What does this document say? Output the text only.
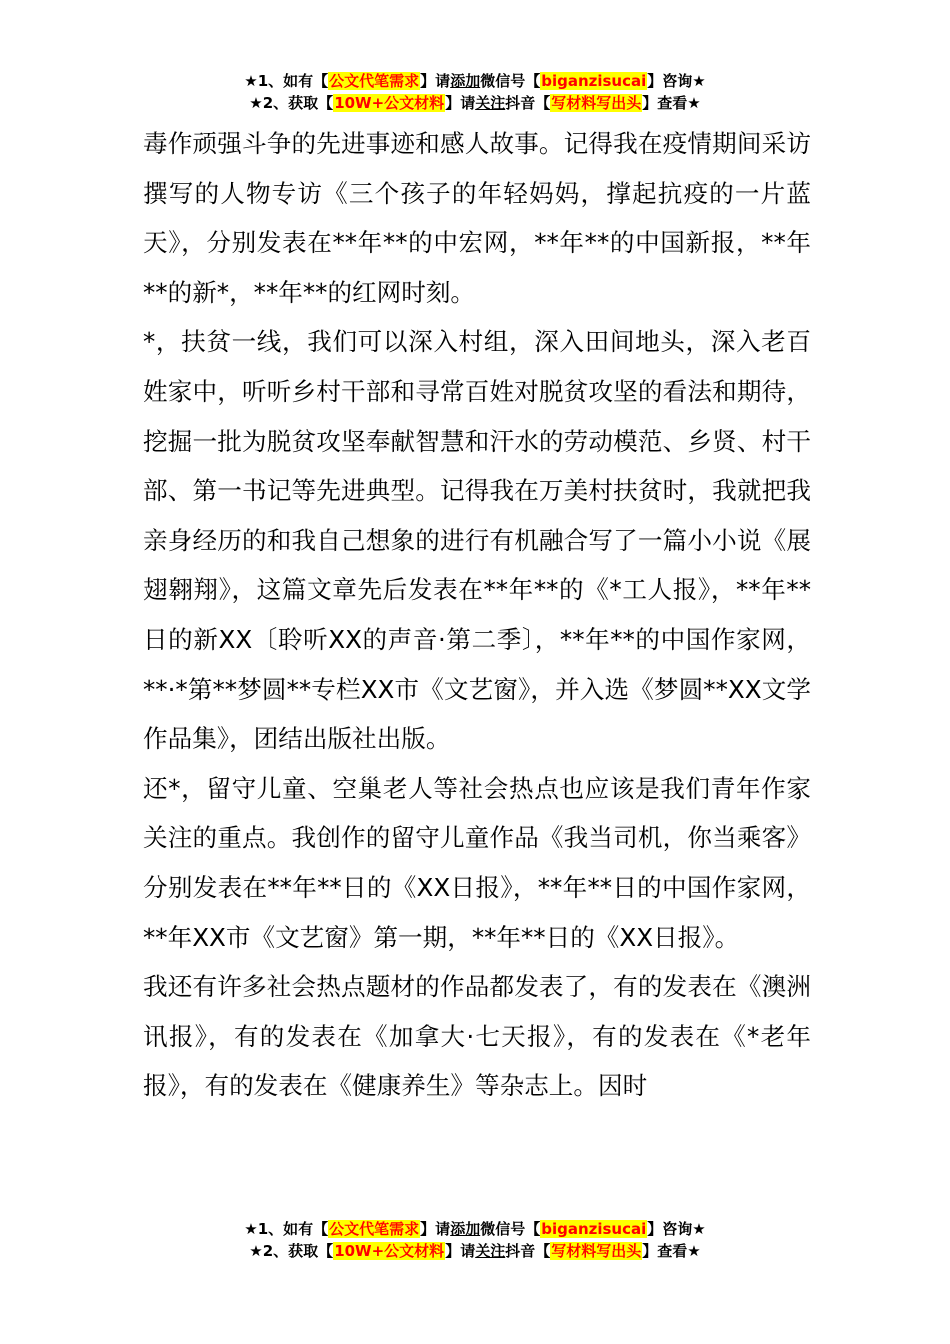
★1、如有【公文代笔需求】请添加微信号【biganzisucai】咨询★
★2、获取【10W+公文材料】请关注抖音【写材料写出头】查看★

毒作顽强斗争的先进事迹和感人故事。记得我在疫情期间采访撰写的人物专访《三个孩子的年轻妈妈，撑起抗疫的一片蓝天》，分别发表在**年**的中宏网，**年**的中国新报，**年**的新*，**年**的红网时刻。

*，扶贫一线，我们可以深入村组，深入田间地头，深入老百姓家中，听听乡村干部和寻常百姓对脱贫攻坚的看法和期待，挖掘一批为脱贫攻坚奉献智慧和汗水的劳动模范、乡贤、村干部、第一书记等先进典型。记得我在万美村扶贫时，我就把我亲身经历的和我自己想象的进行有机融合写了一篇小小说《展翅翱翔》，这篇文章先后发表在**年**的《*工人报》，**年**日的新XX〔聆听XX的声音·第二季〕，**年**的中国作家网，**·*第**梦圆**专栏XX市《文艺窗》，并入选《梦圆**XX文学作品集》，团结出版社出版。

还*，留守儿童、空巢老人等社会热点也应该是我们青年作家关注的重点。我创作的留守儿童作品《我当司机，你当乘客》分别发表在**年**日的《XX日报》，**年**日的中国作家网，**年XX市《文艺窗》第一期，**年**日的《XX日报》。

我还有许多社会热点题材的作品都发表了，有的发表在《澳洲讯报》，有的发表在《加拿大·七天报》，有的发表在《*老年报》，有的发表在《健康养生》等杂志上。因时

★1、如有【公文代笔需求】请添加微信号【biganzisucai】咨询★
★2、获取【10W+公文材料】请关注抖音【写材料写出头】查看★
